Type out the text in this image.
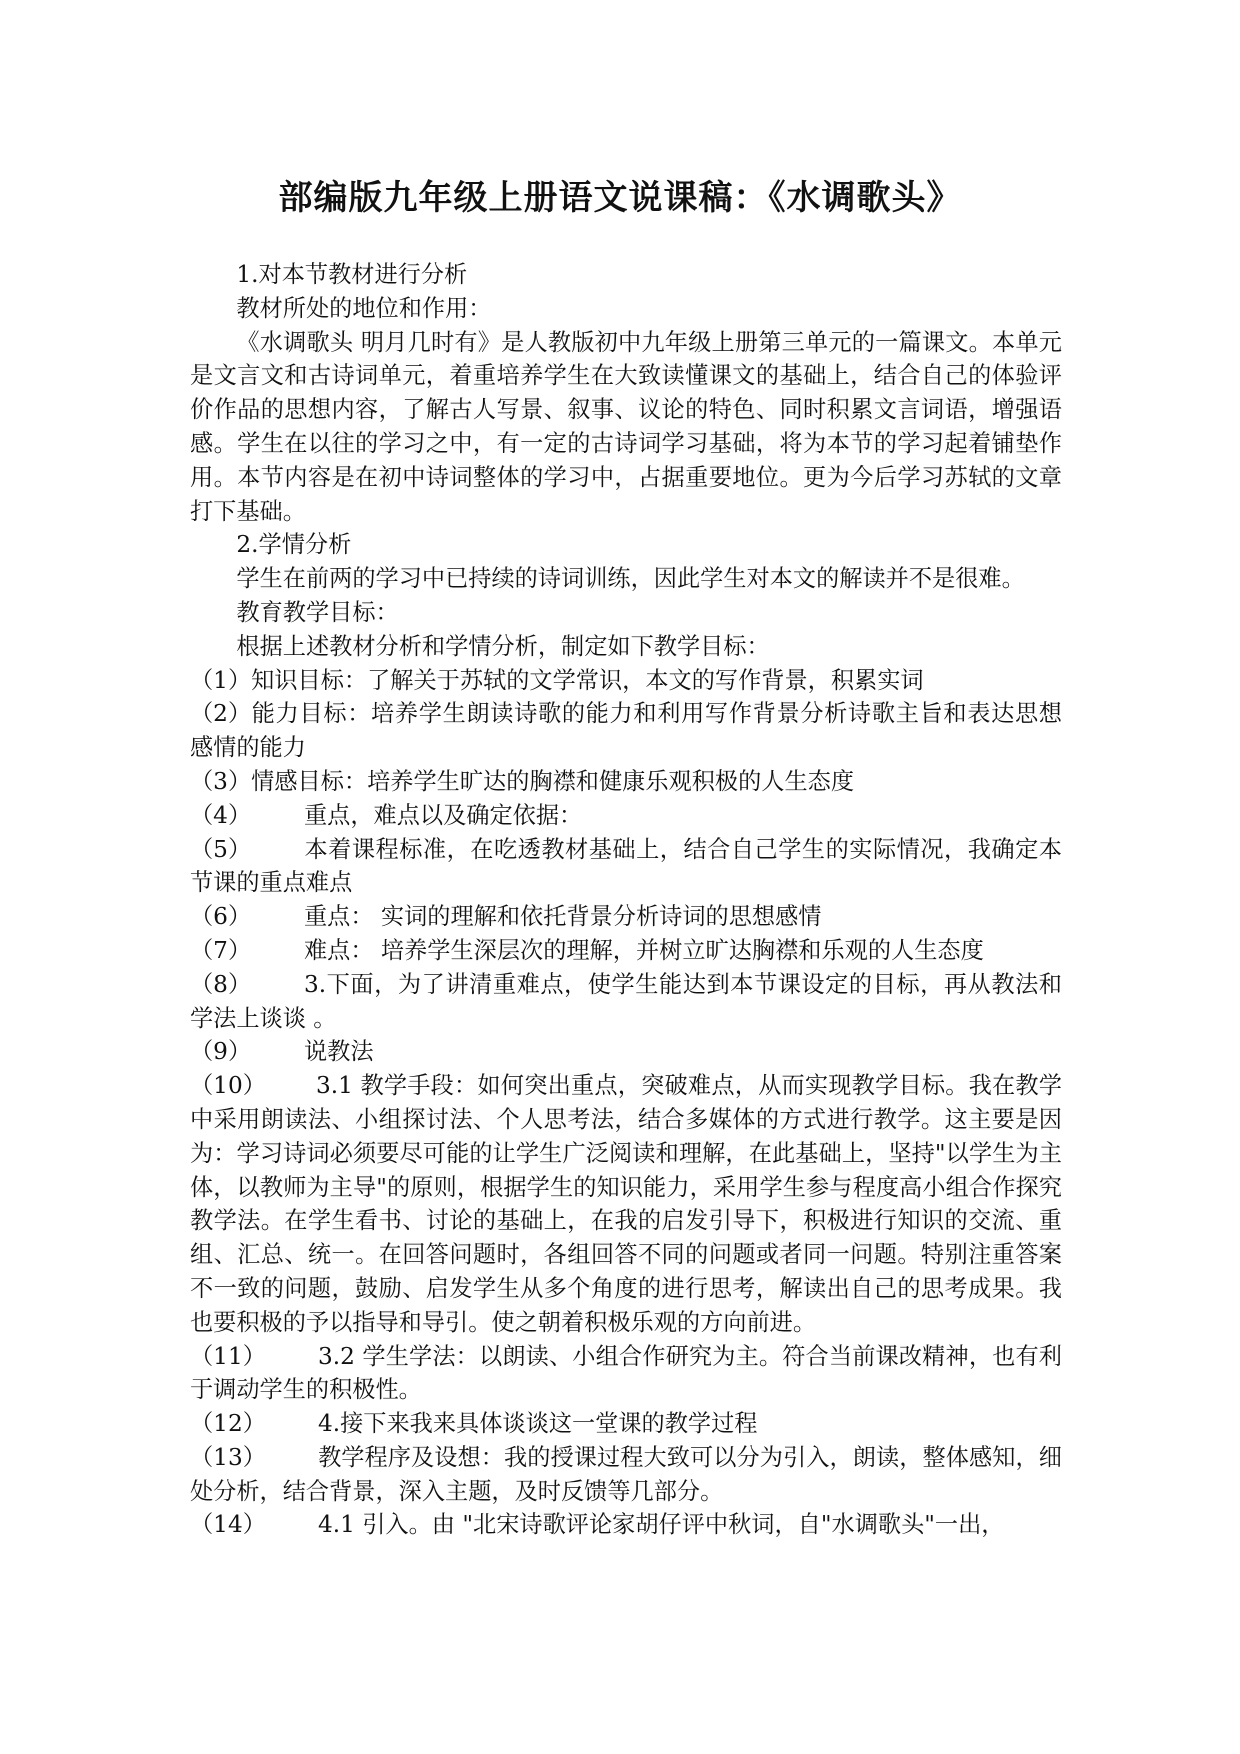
部编版九年级上册语文说课稿：《水调歌头》
1.对本节教材进行分析
教材所处的地位和作用：
《水调歌头 明月几时有》是人教版初中九年级上册第三单元的一篇课文。本单元是文言文和古诗词单元，着重培养学生在大致读懂课文的基础上，结合自己的体验评价作品的思想内容，了解古人写景、叙事、议论的特色、同时积累文言词语，增强语感。学生在以往的学习之中，有一定的古诗词学习基础，将为本节的学习起着铺垫作用。本节内容是在初中诗词整体的学习中，占据重要地位。更为今后学习苏轼的文章打下基础。
2.学情分析
学生在前两的学习中已持续的诗词训练，因此学生对本文的解读并不是很难。
教育教学目标：
根据上述教材分析和学情分析，制定如下教学目标：
（1）知识目标：了解关于苏轼的文学常识，本文的写作背景，积累实词
（2）能力目标：培养学生朗读诗歌的能力和利用写作背景分析诗歌主旨和表达思想感情的能力
（3）情感目标：培养学生旷达的胸襟和健康乐观积极的人生态度
（4） 重点，难点以及确定依据：
（5） 本着课程标准，在吃透教材基础上，结合自己学生的实际情况，我确定本节课的重点难点
（6） 重点： 实词的理解和依托背景分析诗词的思想感情
（7） 难点： 培养学生深层次的理解，并树立旷达胸襟和乐观的人生态度
（8） 3.下面，为了讲清重难点，使学生能达到本节课设定的目标，再从教法和学法上谈谈 。
（9） 说教法
（10） 3.1 教学手段：如何突出重点，突破难点，从而实现教学目标。我在教学中采用朗读法、小组探讨法、个人思考法，结合多媒体的方式进行教学。这主要是因为：学习诗词必须要尽可能的让学生广泛阅读和理解，在此基础上，坚持"以学生为主体，以教师为主导"的原则，根据学生的知识能力，采用学生参与程度高小组合作探究教学法。在学生看书、讨论的基础上，在我的启发引导下，积极进行知识的交流、重组、汇总、统一。在回答问题时，各组回答不同的问题或者同一问题。特别注重答案不一致的问题，鼓励、启发学生从多个角度的进行思考，解读出自己的思考成果。我也要积极的予以指导和导引。使之朝着积极乐观的方向前进。
（11） 3.2 学生学法：以朗读、小组合作研究为主。符合当前课改精神，也有利于调动学生的积极性。
（12） 4.接下来我来具体谈谈这一堂课的教学过程
（13） 教学程序及设想：我的授课过程大致可以分为引入，朗读，整体感知，细处分析，结合背景，深入主题，及时反馈等几部分。
（14） 4.1 引入。由 "北宋诗歌评论家胡仔评中秋词，自"水调歌头"一出，
